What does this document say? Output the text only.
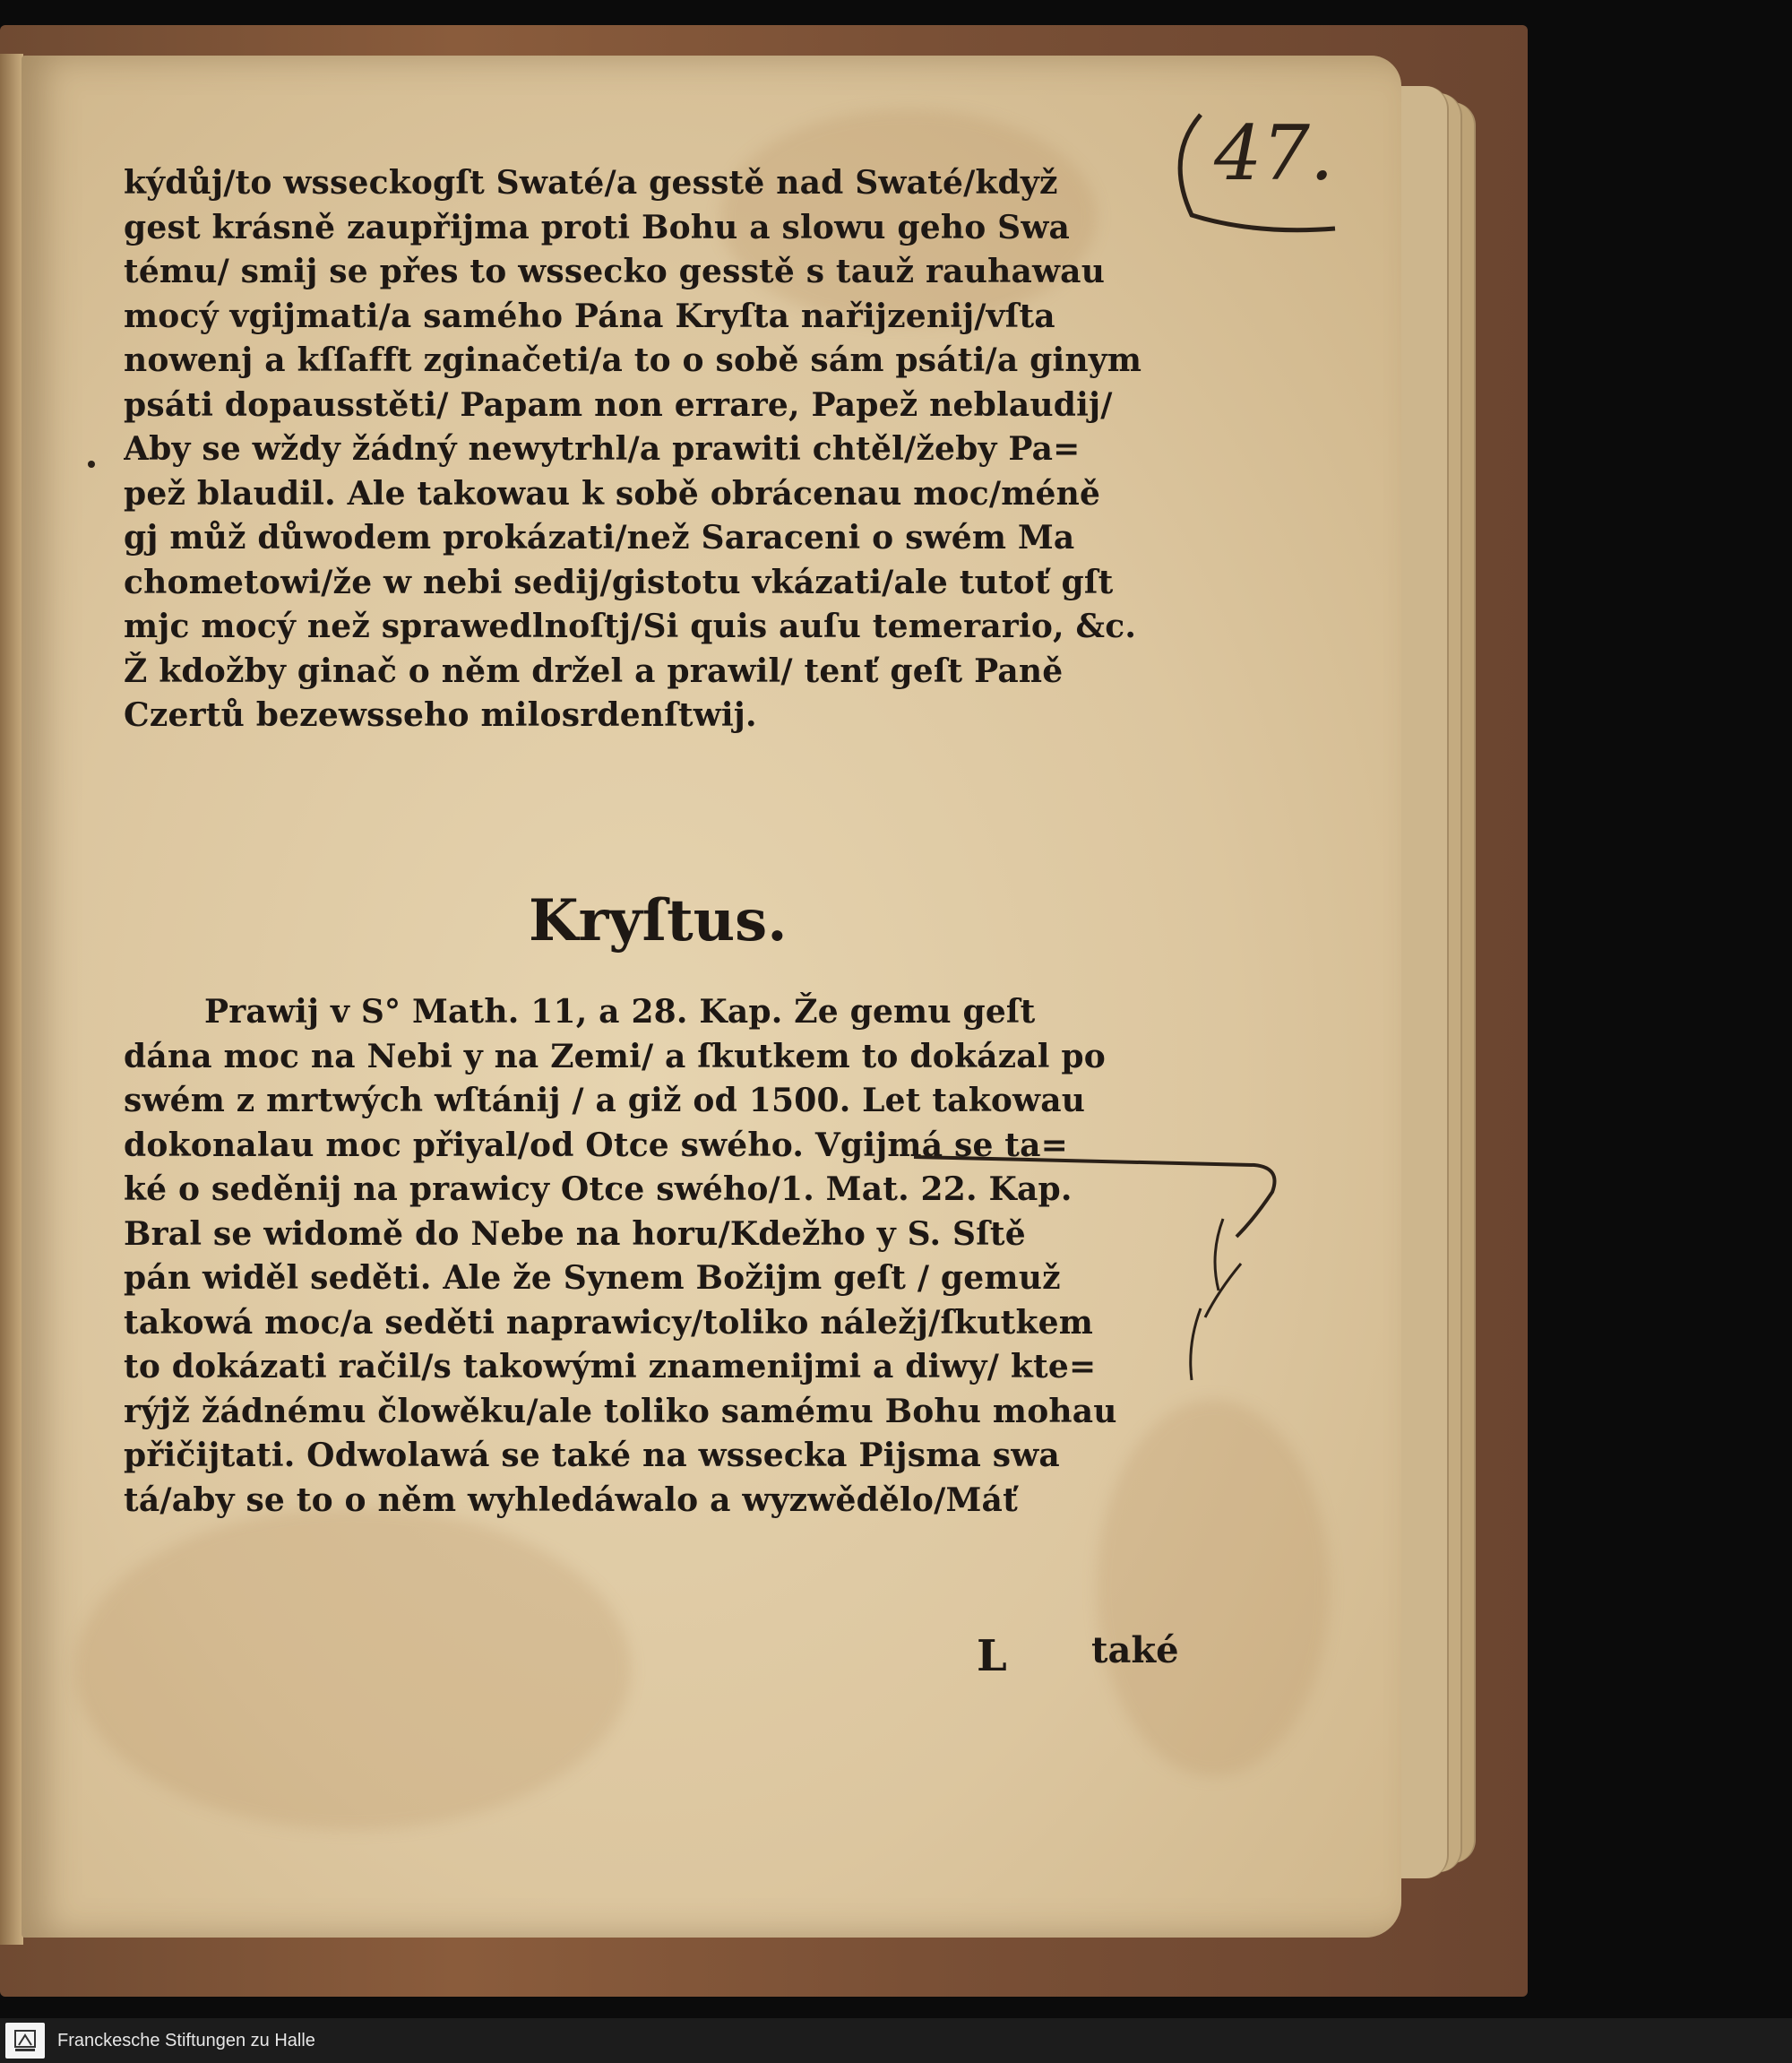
47.
kýdůj/to wsseckogſt Swaté/a gesstě nad Swaté/když
gest krásně zaupřijma proti Bohu a slowu geho Swa
tému/ smij se přes to wssecko gesstě s tauž rauhawau
mocý vgijmati/a samého Pána Kryſta nařijzenij/vſta
nowenj a kſſafft zginačeti/a to o sobě sám psáti/a ginym
psáti dopausstěti/ Papam non errare, Papež neblaudij/
Aby se wždy žádný newytrhl/a prawiti chtěl/žeby Pa=
pež blaudil. Ale takowau k sobě obrácenau moc/méně
gj můž důwodem prokázati/než Saraceni o swém Ma
chometowi/že w nebi sedij/gistotu vkázati/ale tutoť gſt
mjc mocý než sprawedlnoſtj/Si quis auſu temerario, &c.
Ž kdožby ginač o něm držel a prawil/ tenť geſt Paně
Czertů bezewsseho milosrdenſtwij.
Kryſtus.
Prawij v S° Math. 11, a 28. Kap. Že gemu geſt
dána moc na Nebi y na Zemi/ a ſkutkem to dokázal po
swém z mrtwých wſtánij / a giž od 1500. Let takowau
dokonalau moc přiyal/od Otce swého. Vgijmá se ta=
ké o seděnij na prawicy Otce swého/1. Mat. 22. Kap.
Bral se widomě do Nebe na horu/Kdežho y S. Sſtě
pán widěl seděti. Ale že Synem Božijm geſt / gemuž
takowá moc/a seděti naprawicy/toliko náležj/ſkutkem
to dokázati račil/s takowými znamenijmi a diwy/ kte=
rýjž žádnému člowěku/ale toliko samému Bohu mohau
přičijtati. Odwolawá se také na wssecka Pijsma swa
tá/aby se to o něm wyhledáwalo a wyzwědělo/Máť
L také
Franckesche Stiftungen zu Halle
